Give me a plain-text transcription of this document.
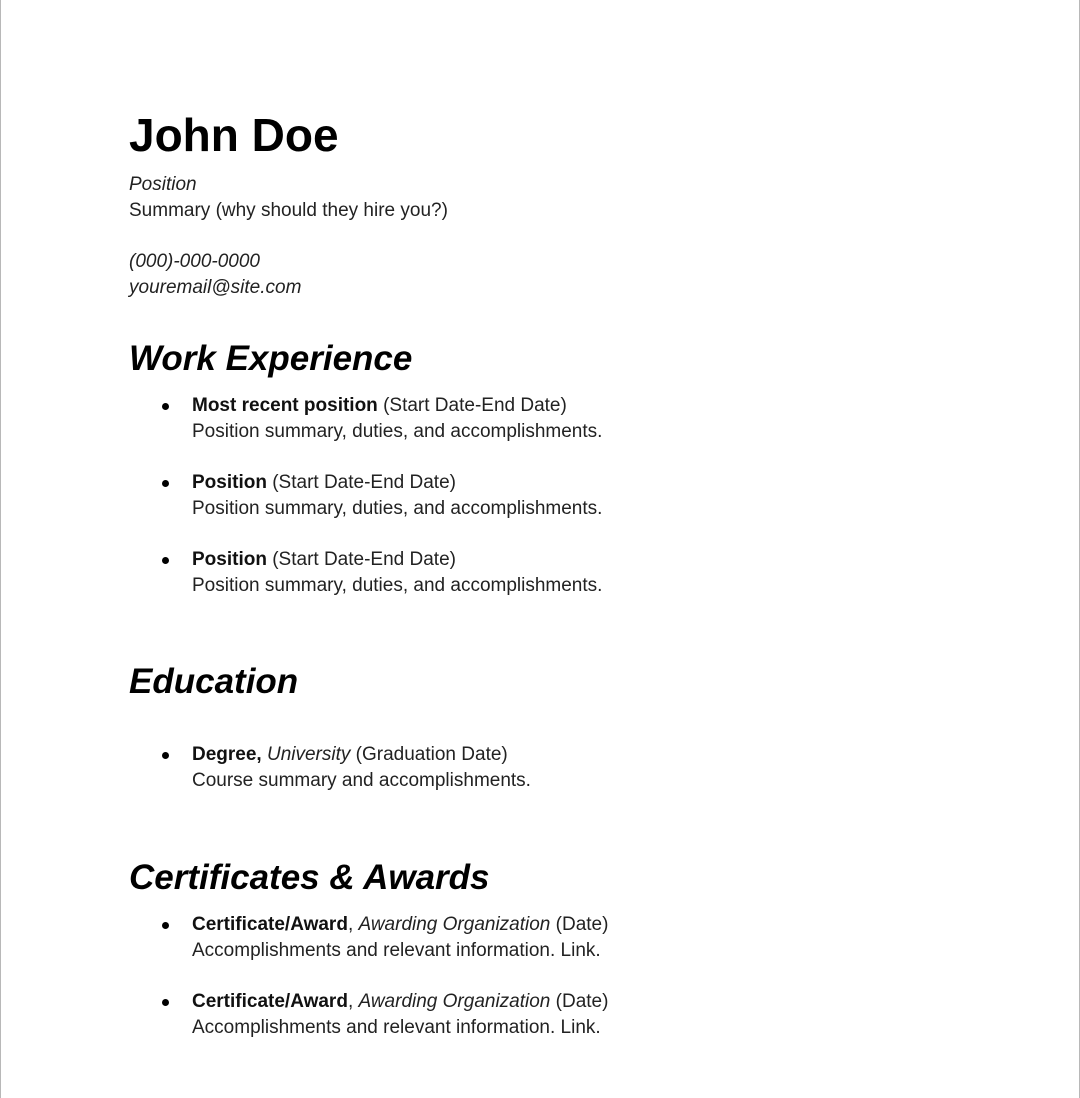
John Doe

Position

Summary (why should they hire you?)

(000)-000-0000

youremail@site.com

Work Experience

Most recent position (Start Date-End Date)

Position summary, duties, and accomplishments.

Position (Start Date-End Date)

Position summary, duties, and accomplishments.

Position (Start Date-End Date)

Position summary, duties, and accomplishments.

Education

Degree, University (Graduation Date)

Course summary and accomplishments.

Certificates & Awards

Certificate/Award, Awarding Organization (Date)

Accomplishments and relevant information. Link.

Certificate/Award, Awarding Organization (Date)

Accomplishments and relevant information. Link.
